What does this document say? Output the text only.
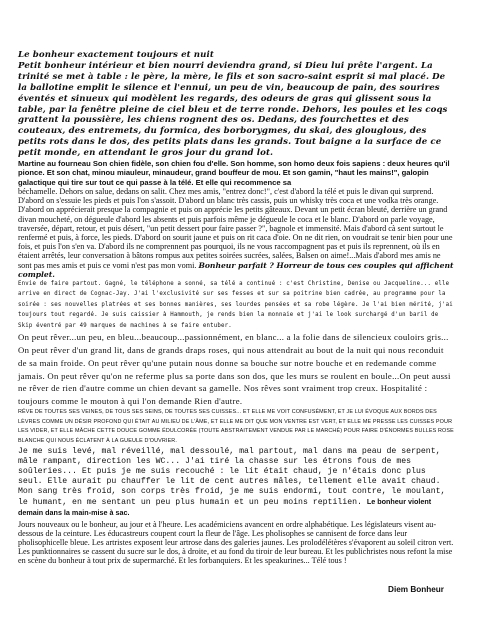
Le bonheur exactement toujours et nuit
Petit bonheur intérieur et bien nourri deviendra grand, si Dieu lui prête l'argent. La trinité se met à table : le père, la mère, le fils et son sacro-saint esprit si mal placé. De la ballotine emplit le silence et l'ennui, un peu de vin, beaucoup de pain, des sourires éventés et sinueux qui modèlent les regards, des odeurs de gras qui glissent sous la table, par la fenêtre pleine de ciel bleu et de terre ronde. Dehors, les poules et les coqs grattent la poussière, les chiens rognent des os. Dedans, des fourchettes et des couteaux, des entremets, du formica, des borborygmes, du skai, des glouglous, des petits rots dans le dos, des petits plats dans les grands. Tout baigne a la surface de ce petit monde, en attendant le gros jour du grand lot.

Martine au fourneau Son chien fidèle, son chien fou d'elle. Son homme, son homo deux fois sapiens : deux heures qu'il pionce. Et son chat, minou miauleur, minaudeur, grand bouffeur de mou. Et son gamin, "haut les mains!", galopin galactique qui tire sur tout ce qui passe à la télé. Et elle qui recommence sa

béchamelle. Dehors on salue, dedans on salit. Chez mes amis, "entrez donc!", c'est d'abord la télé et puis le divan qui surprend. D'abord on s'essuie les pieds et puis l'on s'assoit. D'abord un blanc très cassis, puis un whisky très coca et une vodka très orange. D'abord on apprécierait presque la compagnie et puis on apprécie les petits gâteaux. Devant un petit écran bleuté, derrière un grand divan moucheté, on dégueule d'abord les absents et puis parfois même je dégueule le coca et le blanc. D'abord on parle voyage, traversée, départ, retour, et puis désert, "un petit dessert pour faire passer ?", bagnole et immensité. Mais d'abord cà sent surtout le renfermé et puis, à force, les pieds. D'abord on sourit jaune et puis on rit caca d'oie. On ne dit rien, on voudrait se tenir bien pour une fois, et puis l'on s'en va. D'abord ils ne comprennent pas pourquoi, ils ne vous raccompagnent pas et puis ils reprennent, où ils en étaient arrêtés, leur conversation à bâtons rompus aux petites soirées sucrées, salées, Balsen on aime!...Mais d'abord mes amis ne sont pas mes amis et puis ce vomi n'est pas mon vomi. Bonheur parfait ? Horreur de tous ces couples qui affichent complet.

Envie de faire partout. Gagné, le téléphone a sonné, sa télé a continué : c'est Christine, Denise ou Jacqueline... elle arrive en direct de Cognac-Jay. J'ai l'exclusivité sur ses fesses et sur sa poitrine bien cadrée, au programme pour la soirée : ses nouvelles platrées et ses bonnes manières, ses lourdes pensées et sa robe légère. Je l'ai bien mérité, j'ai toujours tout regardé. Je suis caissier à Hammouth, je rends bien la monnaie et j'ai le look surchargé d'un baril de Skip éventré par 49 marques de machines à se faire entuber.

On peut rêver...un peu, en bleu...beaucoup...passionnément, en blanc... a la folie dans de silencieux couloirs gris... On peut rêver d'un grand lit, dans de grands draps roses, qui nous attendrait au bout de la nuit qui nous reconduit de sa main froide. On peut rêver qu'une putain nous donne sa bouche sur notre bouche et en redemande comme jamais. On peut rêver qu'on ne referme plus sa porte dans son dos, que les murs se roulent en boule...On peut aussi ne rêver de rien d'autre comme un chien devant sa gamelle. Nos rêves sont vraiment trop creux. Hospitalité : toujours comme le mouton à qui l'on demande Rien d'autre.

RÊVE DE TOUTES SES VEINES, DE TOUS SES SEINS, DE TOUTES SES CUISSES... ET ELLE ME VOIT CONFUSÉMENT, ET JE LUI ÉVOQUE AUX BORDS DES LÈVRES COMME UN DÉSIR PROFOND QUI ÉTAIT AU MILIEU DE L'ÂME, ET ELLE ME DIT QUE MON VENTRE EST VERT, ET ELLE ME PRESSE LES CUISSES POUR LES VIDER, ET ELLE MÂCHE CETTE DOUCE GOMME ÉDULCORÉE (TOUTE ABSTRAITEMENT VENDUE PAR LE MARCHÉ) POUR FAIRE D'ÉNORMES BULLES ROSE BLANCHE QUI NOUS ÉCLATENT À LA GUEULE D'OUVRIER.

Je me suis levé, mal réveillé, mal dessoulé, mal partout, mal dans ma peau de serpent, mâle rampant, direction les WC... J'ai tiré la chasse sur les étrons fous de mes soûleries... Et puis je me suis recouché : le lit était chaud, je n'étais donc plus seul. Elle aurait pu chauffer le lit de cent autres mâles, tellement elle avait chaud. Mon sang très froid, son corps très froid, je me suis endormi, tout contre, le moulant, le humant, en me sentant un peu plus humain et un peu moins reptilien. Le bonheur violent demain dans la main-mise à sac.

Jours nouveaux ou le bonheur, au jour et à l'heure. Les académiciens avancent en ordre alphabétique. Les législateurs visent au-dessous de la ceinture. Les éducastreurs coupent court la fleur de l'âge. Les pholisophes se cannisent de force dans leur pholisophicelle bleue. Les artristes exposent leur artrose dans des galeries jaunes. Les prolodélétères s'évaporent au soleil citron vert. Les punktionnaires se cassent du sucre sur le dos, à droite, et au fond du tiroir de leur bureau. Et les publichristes nous refont la mise en scène du bonheur à tout prix de supermarché. Et les forbanquiers. Et les speakurines... Télé tous !

Diem Bonheur
